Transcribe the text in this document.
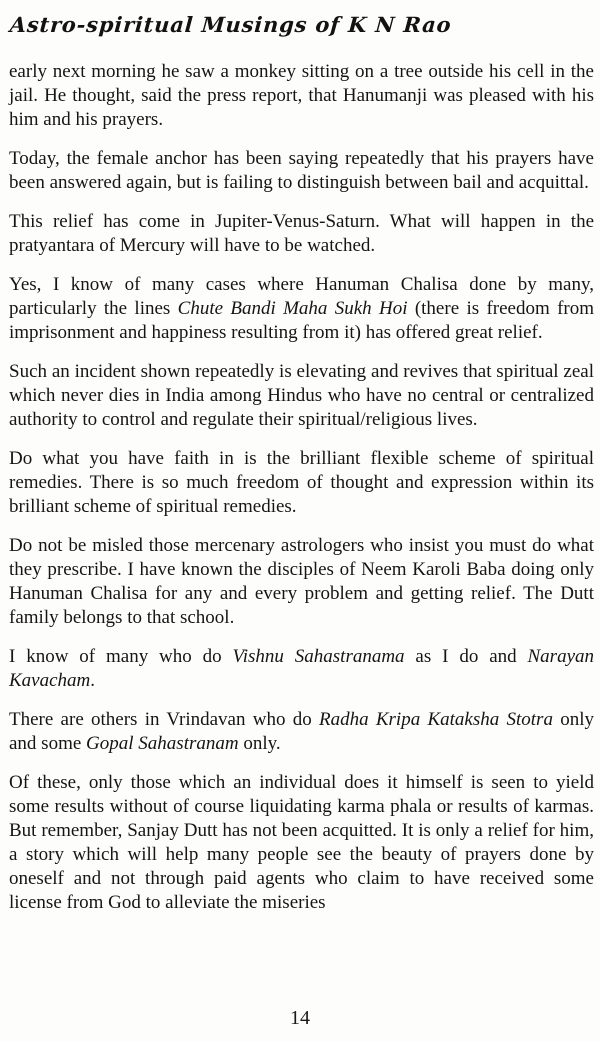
Astro-spiritual Musings of K N Rao

early next morning he saw a monkey sitting on a tree outside his cell in the jail. He thought, said the press report, that Hanumanji was pleased with his him and his prayers.

Today, the female anchor has been saying repeatedly that his prayers have been answered again, but is failing to distinguish between bail and acquittal.

This relief has come in Jupiter-Venus-Saturn. What will happen in the pratyantara of Mercury will have to be watched.

Yes, I know of many cases where Hanuman Chalisa done by many, particularly the lines Chute Bandi Maha Sukh Hoi (there is freedom from imprisonment and happiness resulting from it) has offered great relief.

Such an incident shown repeatedly is elevating and revives that spiritual zeal which never dies in India among Hindus who have no central or centralized authority to control and regulate their spiritual/religious lives.

Do what you have faith in is the brilliant flexible scheme of spiritual remedies. There is so much freedom of thought and expression within its brilliant scheme of spiritual remedies.

Do not be misled those mercenary astrologers who insist you must do what they prescribe. I have known the disciples of Neem Karoli Baba doing only Hanuman Chalisa for any and every problem and getting relief. The Dutt family belongs to that school.

I know of many who do Vishnu Sahastranama as I do and Narayan Kavacham.

There are others in Vrindavan who do Radha Kripa Kataksha Stotra only and some Gopal Sahastranam only.

Of these, only those which an individual does it himself is seen to yield some results without of course liquidating karma phala or results of karmas. But remember, Sanjay Dutt has not been acquitted. It is only a relief for him, a story which will help many people see the beauty of prayers done by oneself and not through paid agents who claim to have received some license from God to alleviate the miseries

14
